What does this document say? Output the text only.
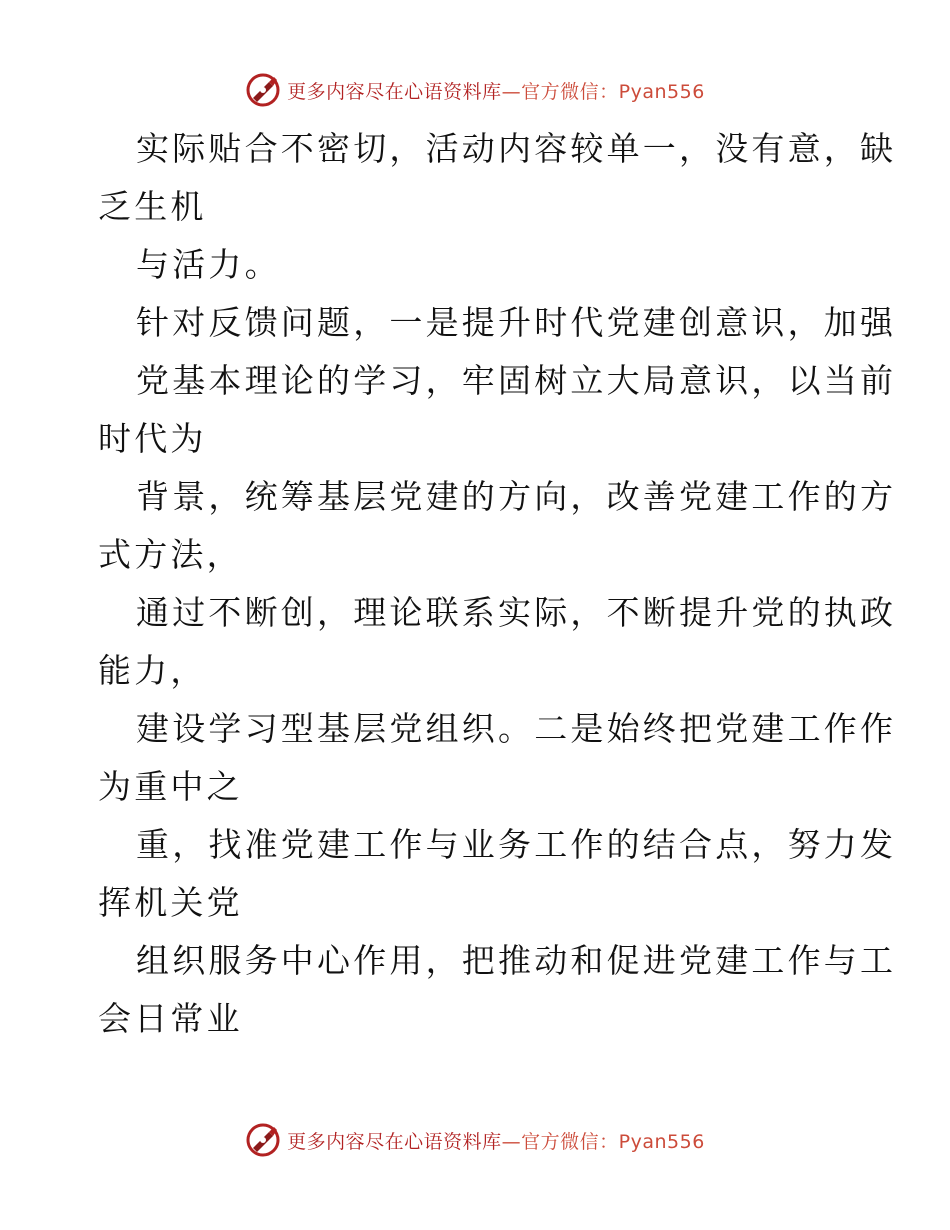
更多内容尽在心语资料库—官方微信：Pyan556
实际贴合不密切，活动内容较单一，没有意，缺
乏生机
与活力。
针对反馈问题，一是提升时代党建创意识，加强
党基本理论的学习，牢固树立大局意识，以当前
时代为
背景，统筹基层党建的方向，改善党建工作的方
式方法，
通过不断创，理论联系实际，不断提升党的执政
能力，
建设学习型基层党组织。二是始终把党建工作作
为重中之
重，找准党建工作与业务工作的结合点，努力发
挥机关党
组织服务中心作用，把推动和促进党建工作与工
会日常业
更多内容尽在心语资料库—官方微信：Pyan556
